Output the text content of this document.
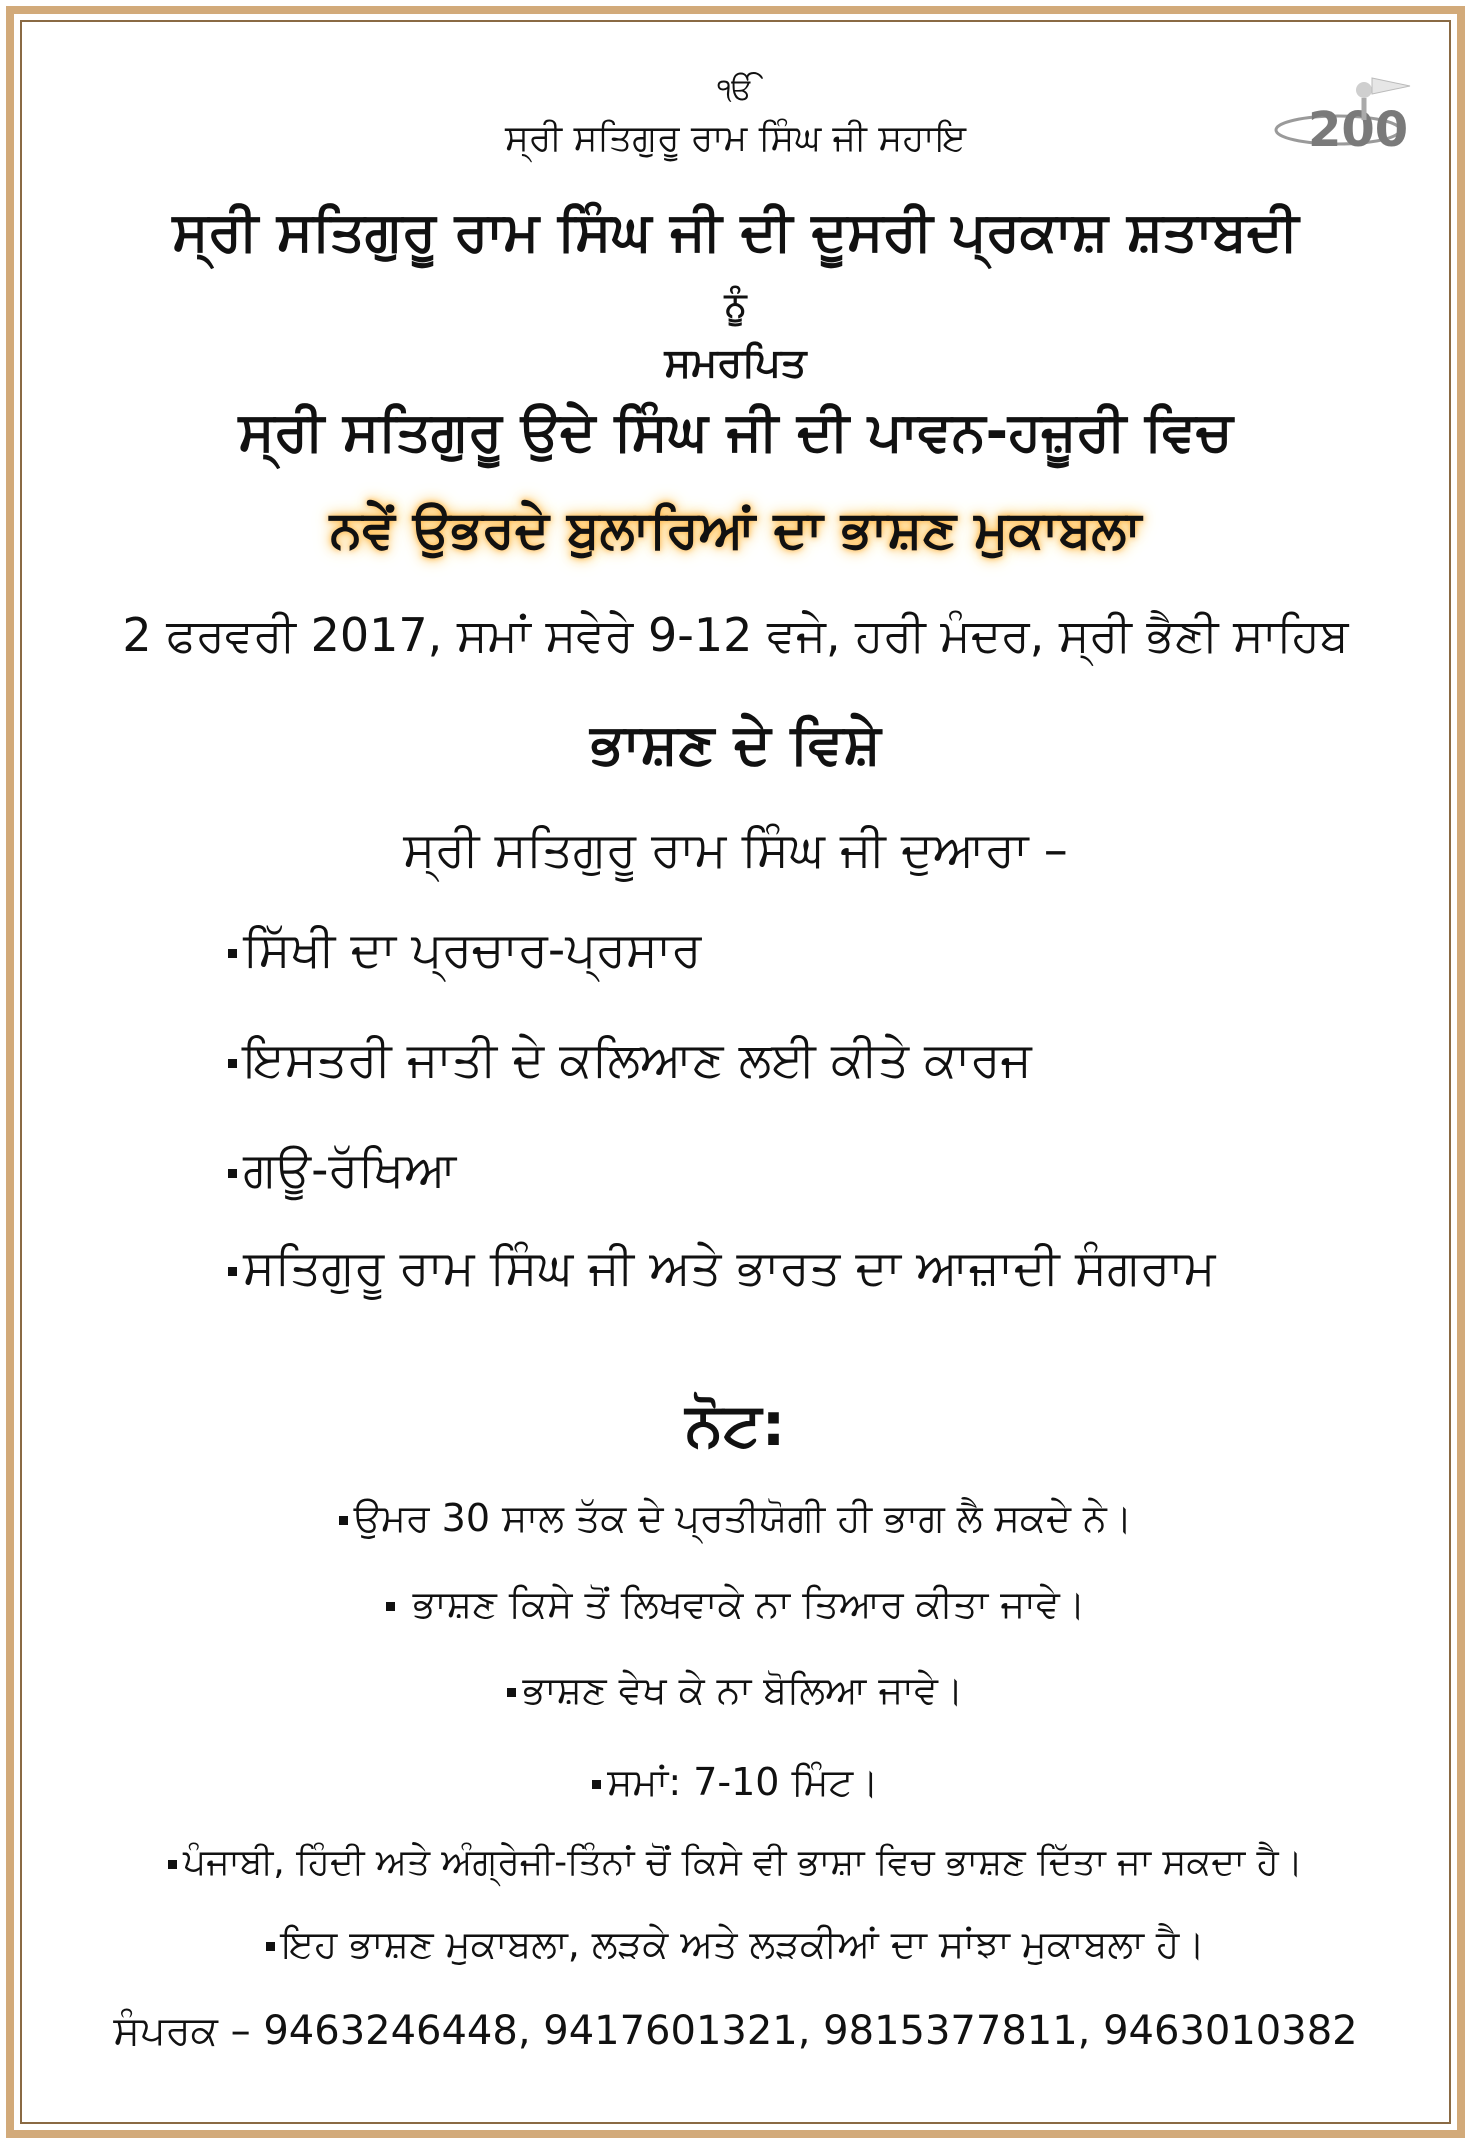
200

ੴ

ਸ੍ਰੀ ਸਤਿਗੁਰੂ ਰਾਮ ਸਿੰਘ ਜੀ ਸਹਾਇ

ਸ੍ਰੀ ਸਤਿਗੁਰੂ ਰਾਮ ਸਿੰਘ ਜੀ ਦੀ ਦੂਸਰੀ ਪ੍ਰਕਾਸ਼ ਸ਼ਤਾਬਦੀ

ਨੂੰ

ਸਮਰਪਿਤ

ਸ੍ਰੀ ਸਤਿਗੁਰੂ ਉਦੇ ਸਿੰਘ ਜੀ ਦੀ ਪਾਵਨ-ਹਜ਼ੂਰੀ ਵਿਚ

ਨਵੇਂ ਉਭਰਦੇ ਬੁਲਾਰਿਆਂ ਦਾ ਭਾਸ਼ਣ ਮੁਕਾਬਲਾ

2 ਫਰਵਰੀ 2017, ਸਮਾਂ ਸਵੇਰੇ 9-12 ਵਜੇ, ਹਰੀ ਮੰਦਰ, ਸ੍ਰੀ ਭੈਣੀ ਸਾਹਿਬ

ਭਾਸ਼ਣ ਦੇ ਵਿਸ਼ੇ

ਸ੍ਰੀ ਸਤਿਗੁਰੂ ਰਾਮ ਸਿੰਘ ਜੀ ਦੁਆਰਾ –

ਸਿੱਖੀ ਦਾ ਪ੍ਰਚਾਰ-ਪ੍ਰਸਾਰ
ਇਸਤਰੀ ਜਾਤੀ ਦੇ ਕਲਿਆਣ ਲਈ ਕੀਤੇ ਕਾਰਜ
ਗਊ-ਰੱਖਿਆ
ਸਤਿਗੁਰੂ ਰਾਮ ਸਿੰਘ ਜੀ ਅਤੇ ਭਾਰਤ ਦਾ ਆਜ਼ਾਦੀ ਸੰਗਰਾਮ

ਨੋਟ:

ਉਮਰ 30 ਸਾਲ ਤੱਕ ਦੇ ਪ੍ਰਤੀਯੋਗੀ ਹੀ ਭਾਗ ਲੈ ਸਕਦੇ ਨੇ।

ਭਾਸ਼ਣ ਕਿਸੇ ਤੋਂ ਲਿਖਵਾਕੇ ਨਾ ਤਿਆਰ ਕੀਤਾ ਜਾਵੇ।

ਭਾਸ਼ਣ ਵੇਖ ਕੇ ਨਾ ਬੋਲਿਆ ਜਾਵੇ।

ਸਮਾਂ: 7-10 ਮਿੰਟ।

ਪੰਜਾਬੀ, ਹਿੰਦੀ ਅਤੇ ਅੰਗ੍ਰੇਜੀ-ਤਿੰਨਾਂ ਚੋਂ ਕਿਸੇ ਵੀ ਭਾਸ਼ਾ ਵਿਚ ਭਾਸ਼ਣ ਦਿੱਤਾ ਜਾ ਸਕਦਾ ਹੈ।

ਇਹ ਭਾਸ਼ਣ ਮੁਕਾਬਲਾ, ਲੜਕੇ ਅਤੇ ਲੜਕੀਆਂ ਦਾ ਸਾਂਝਾ ਮੁਕਾਬਲਾ ਹੈ।

ਸੰਪਰਕ – 9463246448, 9417601321, 9815377811, 9463010382
